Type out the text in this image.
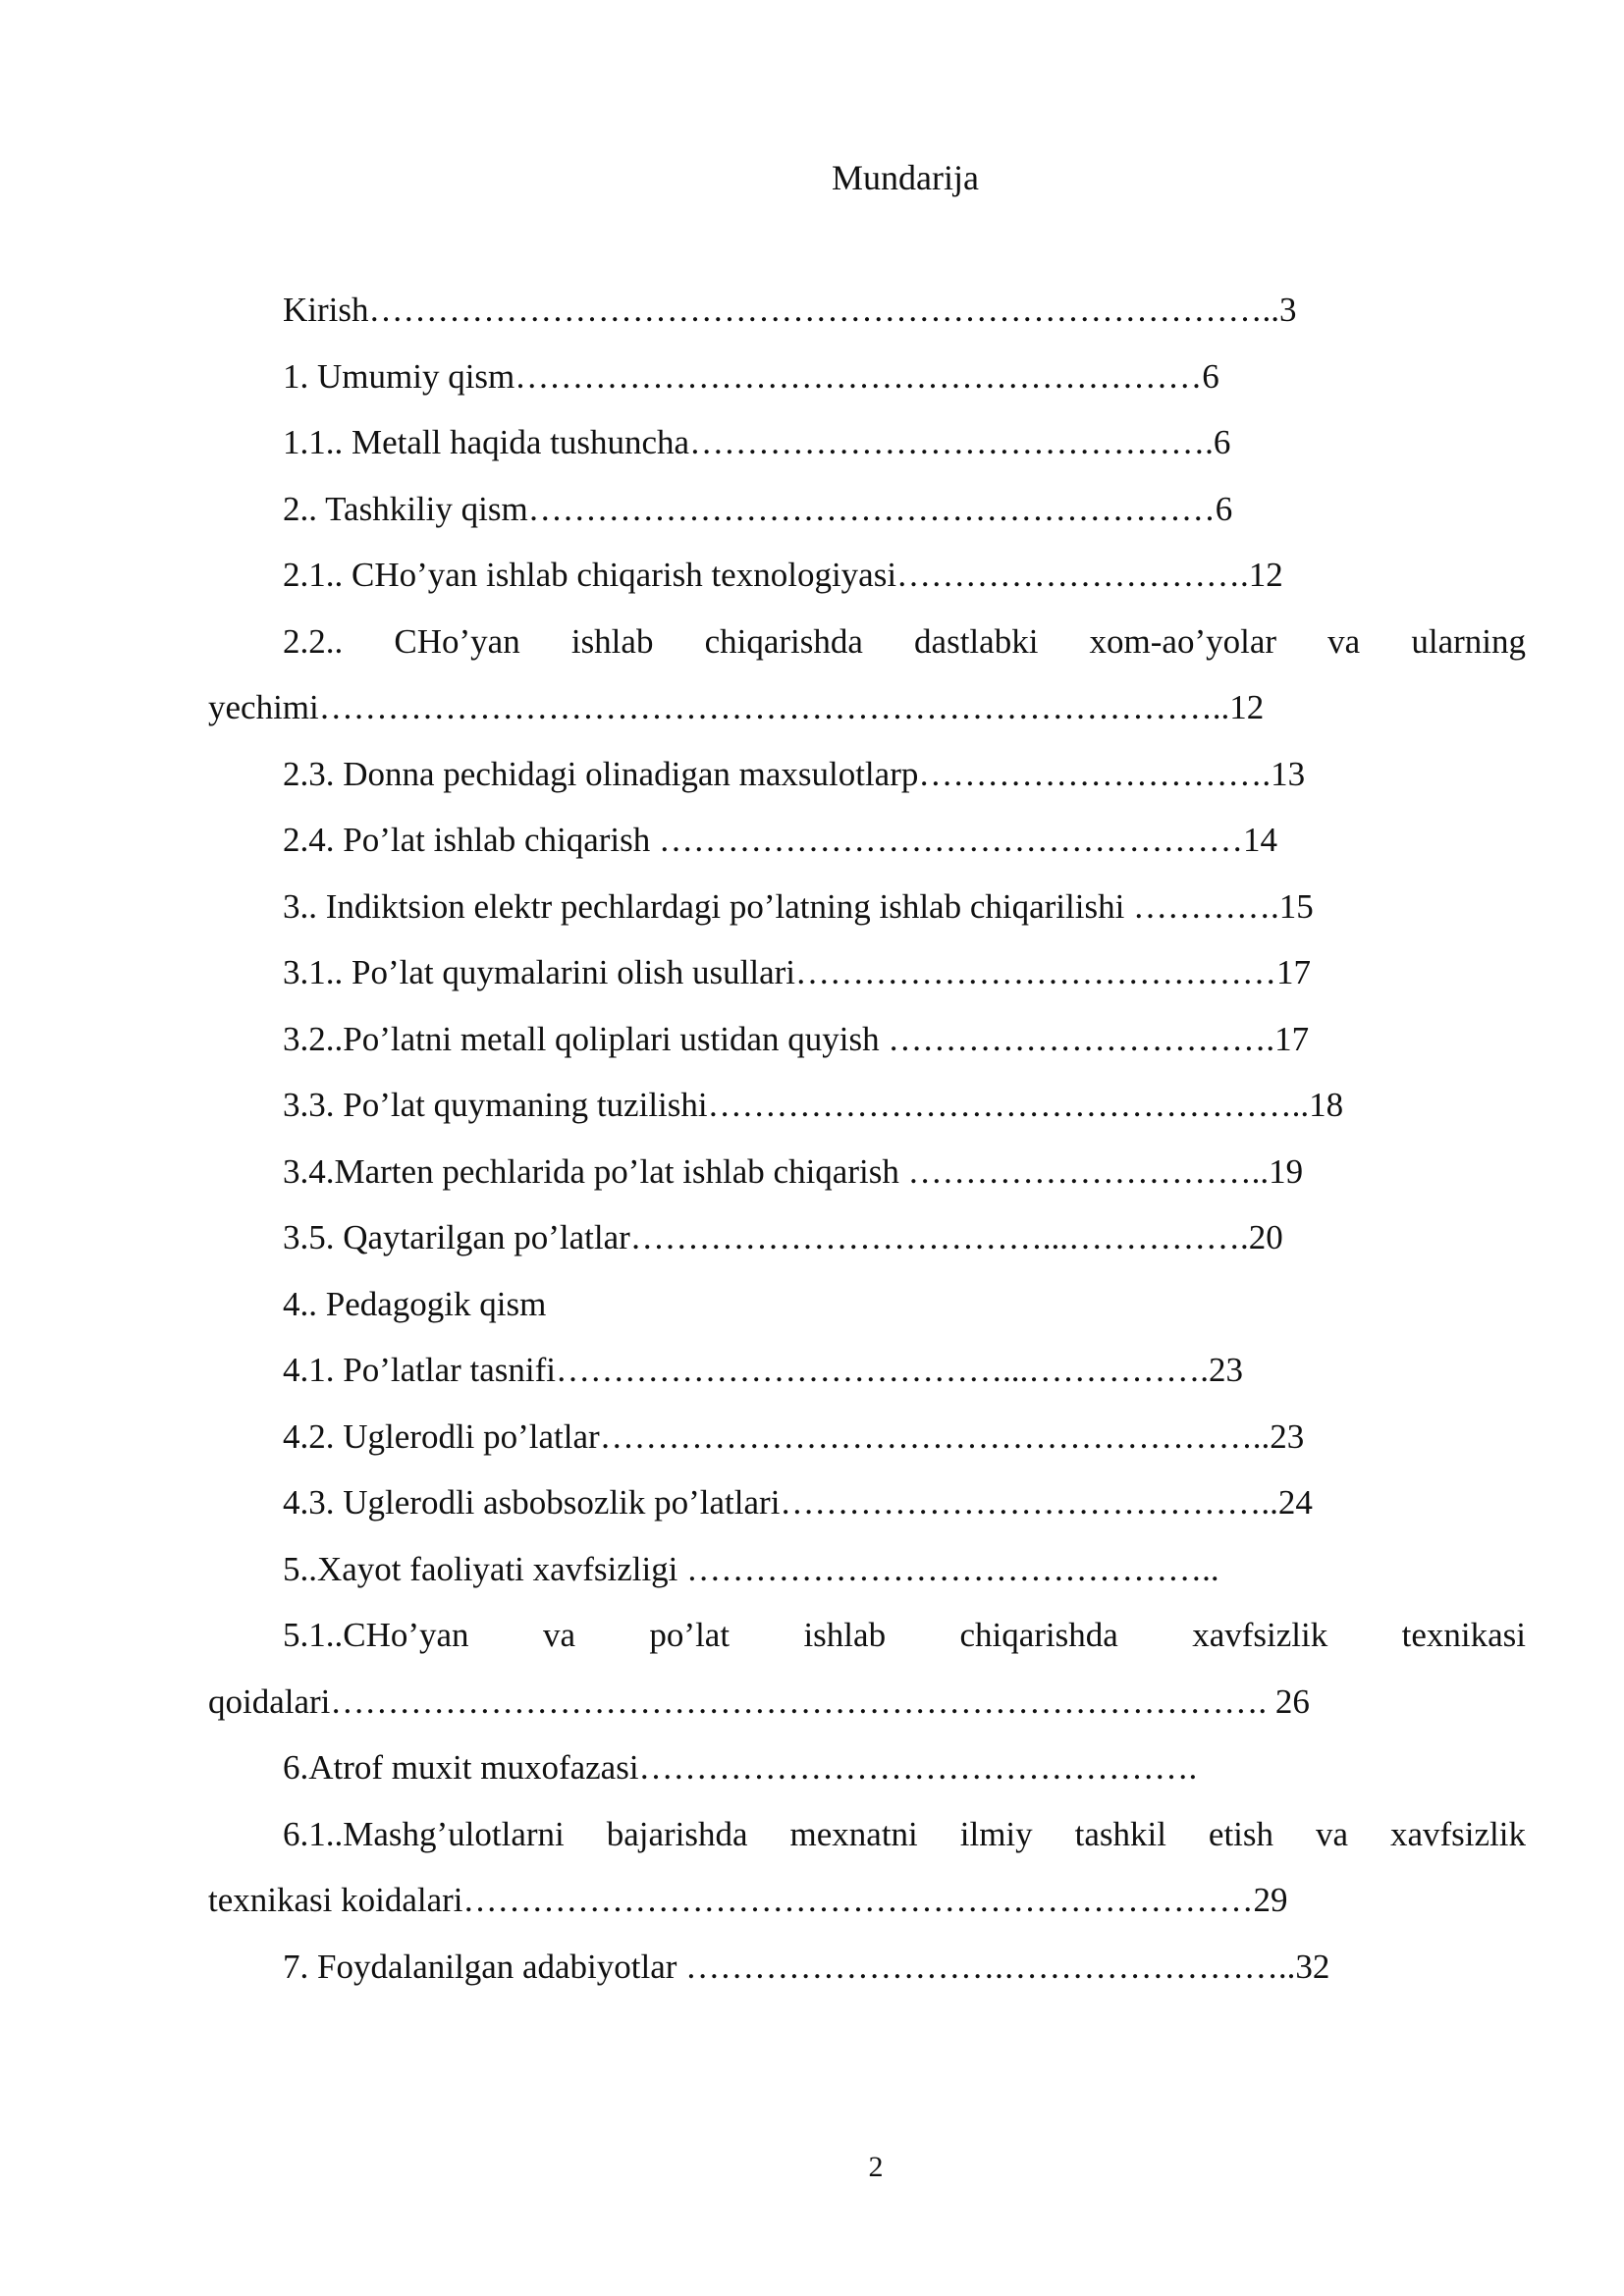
Mundarija
Kirish……………………………………………………………………..3
1. Umumiy qism……………………………………………………6
1.1.. Metall haqida tushuncha……………………………………….6
2.. Tashkiliy qism……………………………………………………6
2.1.. CHo’yan ishlab chiqarish texnologiyasi………………………….12
2.2.. CHo’yan ishlab chiqarishda dastlabki xom-ao’yolar va ularning
yechimi……………………………………………………………………..12
2.3. Donna pechidagi olinadigan maxsulotlarp………………………….13
2.4. Po’lat ishlab chiqarish ……………………………………………14
3.. Indiktsion elektr pechlardagi po’latning ishlab chiqarilishi ………….15
3.1.. Po’lat quymalarini olish usullari……………………………………17
3.2..Po’latni metall qoliplari ustidan quyish …………………………….17
3.3. Po’lat quymaning tuzilishi……………………………………………..18
3.4.Marten pechlarida po’lat ishlab chiqarish …………………………..19
3.5. Qaytarilgan po’latlar………………………………...…………….20
4.. Pedagogik qism
4.1. Po’latlar tasnifi…………………………………...…………….23
4.2. Uglerodli po’latlar…………………………………………………..23
4.3. Uglerodli asbobsozlik po’latlari……………………………………..24
5..Xayot faoliyati xavfsizligi ………………………………………..
5.1..CHo’yan va po’lat ishlab chiqarishda xavfsizlik texnikasi
qoidalari………………………………………………………………………. 26
6.Atrof muxit muxofazasi………………………………………….
6.1..Mashg’ulotlarni bajarishda mexnatni ilmiy tashkil etish va xavfsizlik
texnikasi koidalari……………………………………………………………29
7. Foydalanilgan adabiyotlar ……………………….……………………..32
2
